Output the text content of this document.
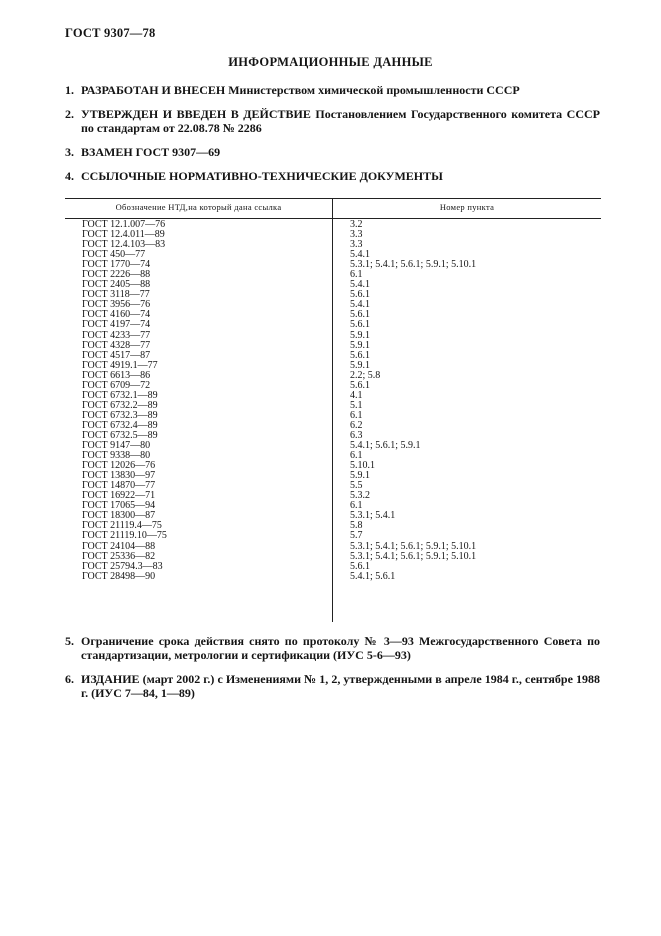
ГОСТ 9307—78
ИНФОРМАЦИОННЫЕ ДАННЫЕ
1. РАЗРАБОТАН И ВНЕСЕН Министерством химической промышленности СССР
2. УТВЕРЖДЕН И ВВЕДЕН В ДЕЙСТВИЕ Постановлением Государственного комитета СССР по стандартам от 22.08.78 № 2286
3. ВЗАМЕН ГОСТ 9307—69
4. ССЫЛОЧНЫЕ НОРМАТИВНО-ТЕХНИЧЕСКИЕ ДОКУМЕНТЫ
Обозначение НТД,на который дана ссылка	Номер пункта
ГОСТ 12.1.007—76	3.2
ГОСТ 12.4.011—89	3.3
ГОСТ 12.4.103—83	3.3
ГОСТ 450—77	5.4.1
ГОСТ 1770—74	5.3.1; 5.4.1; 5.6.1; 5.9.1; 5.10.1
ГОСТ 2226—88	6.1
ГОСТ 2405—88	5.4.1
ГОСТ 3118—77	5.6.1
ГОСТ 3956—76	5.4.1
ГОСТ 4160—74	5.6.1
ГОСТ 4197—74	5.6.1
ГОСТ 4233—77	5.9.1
ГОСТ 4328—77	5.9.1
ГОСТ 4517—87	5.6.1
ГОСТ 4919.1—77	5.9.1
ГОСТ 6613—86	2.2; 5.8
ГОСТ 6709—72	5.6.1
ГОСТ 6732.1—89	4.1
ГОСТ 6732.2—89	5.1
ГОСТ 6732.3—89	6.1
ГОСТ 6732.4—89	6.2
ГОСТ 6732.5—89	6.3
ГОСТ 9147—80	5.4.1; 5.6.1; 5.9.1
ГОСТ 9338—80	6.1
ГОСТ 12026—76	5.10.1
ГОСТ 13830—97	5.9.1
ГОСТ 14870—77	5.5
ГОСТ 16922—71	5.3.2
ГОСТ 17065—94	6.1
ГОСТ 18300—87	5.3.1; 5.4.1
ГОСТ 21119.4—75	5.8
ГОСТ 21119.10—75	5.7
ГОСТ 24104—88	5.3.1; 5.4.1; 5.6.1; 5.9.1; 5.10.1
ГОСТ 25336—82	5.3.1; 5.4.1; 5.6.1; 5.9.1; 5.10.1
ГОСТ 25794.3—83	5.6.1
ГОСТ 28498—90	5.4.1; 5.6.1
5. Ограничение срока действия снято по протоколу № 3—93 Межгосударственного Совета по стандартизации, метрологии и сертификации (ИУС 5-6—93)
6. ИЗДАНИЕ (март 2002 г.) с Изменениями № 1, 2, утвержденными в апреле 1984 г., сентябре 1988 г. (ИУС 7—84, 1—89)
